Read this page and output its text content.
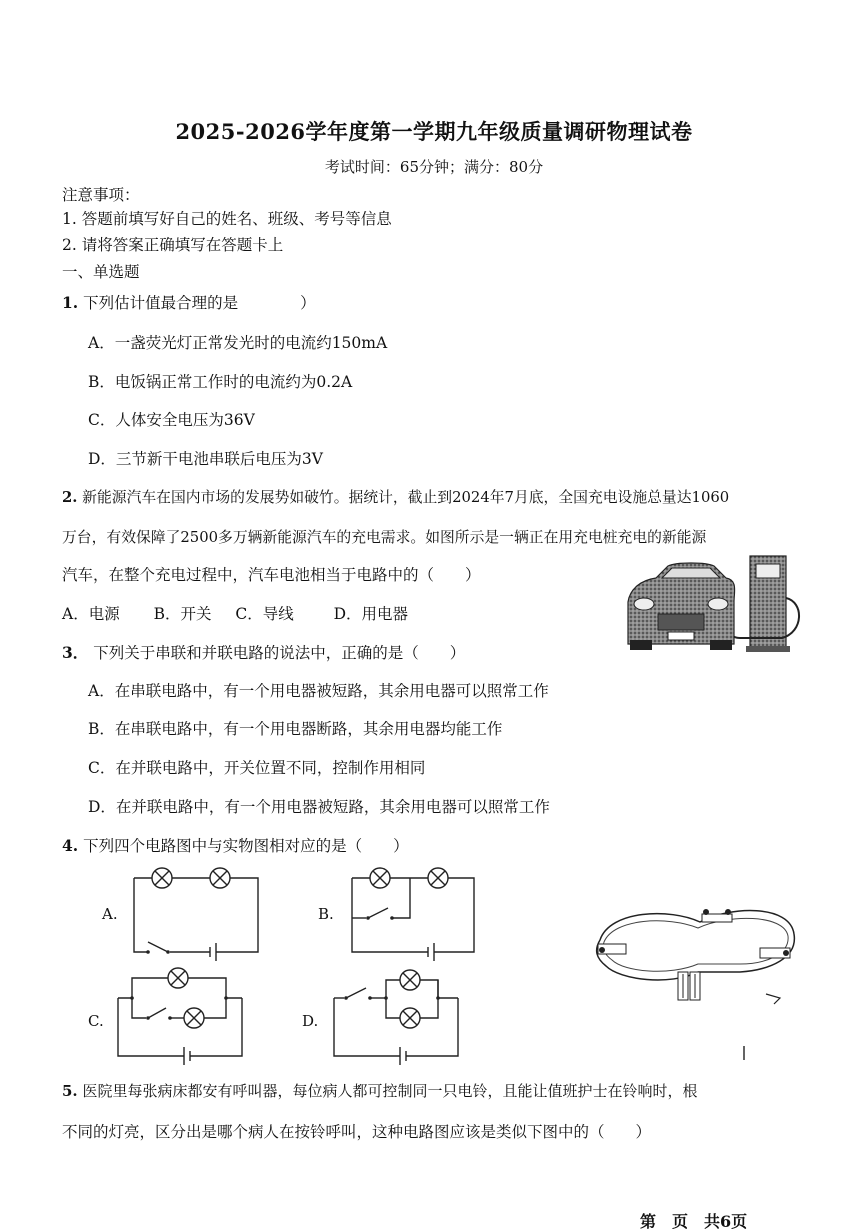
2025-2026学年度第一学期九年级质量调研物理试卷
考试时间：65分钟；满分：80分
注意事项：
1. 答题前填写好自己的姓名、班级、考号等信息
2. 请将答案正确填写在答题卡上
一、单选题
1. 下列估计值最合理的是　　　　）
A．一盏荧光灯正常发光时的电流约150mA
B．电饭锅正常工作时的电流约为0.2A
C．人体安全电压为36V
D．三节新干电池串联后电压为3V
2. 新能源汽车在国内市场的发展势如破竹。据统计，截止到2024年7月底，全国充电设施总量达1060
万台，有效保障了2500多万辆新能源汽车的充电需求。如图所示是一辆正在用充电桩充电的新能源
汽车，在整个充电过程中，汽车电池相当于电路中的（　　）
A．电源 B．开关 C．导线	D．用电器
3． 下列关于串联和并联电路的说法中，正确的是（　　）
A．在串联电路中，有一个用电器被短路，其余用电器可以照常工作
B．在串联电路中，有一个用电器断路，其余用电器均能工作
C．在并联电路中，开关位置不同，控制作用相同
D．在并联电路中，有一个用电器被短路，其余用电器可以照常工作
4. 下列四个电路图中与实物图相对应的是（　　）
A.	B.
C.	D.
5. 医院里每张病床都安有呼叫器，每位病人都可控制同一只电铃，且能让值班护士在铃响时，根
不同的灯亮，区分出是哪个病人在按铃呼叫，这种电路图应该是类似下图中的（　　）
第　页　共6页
